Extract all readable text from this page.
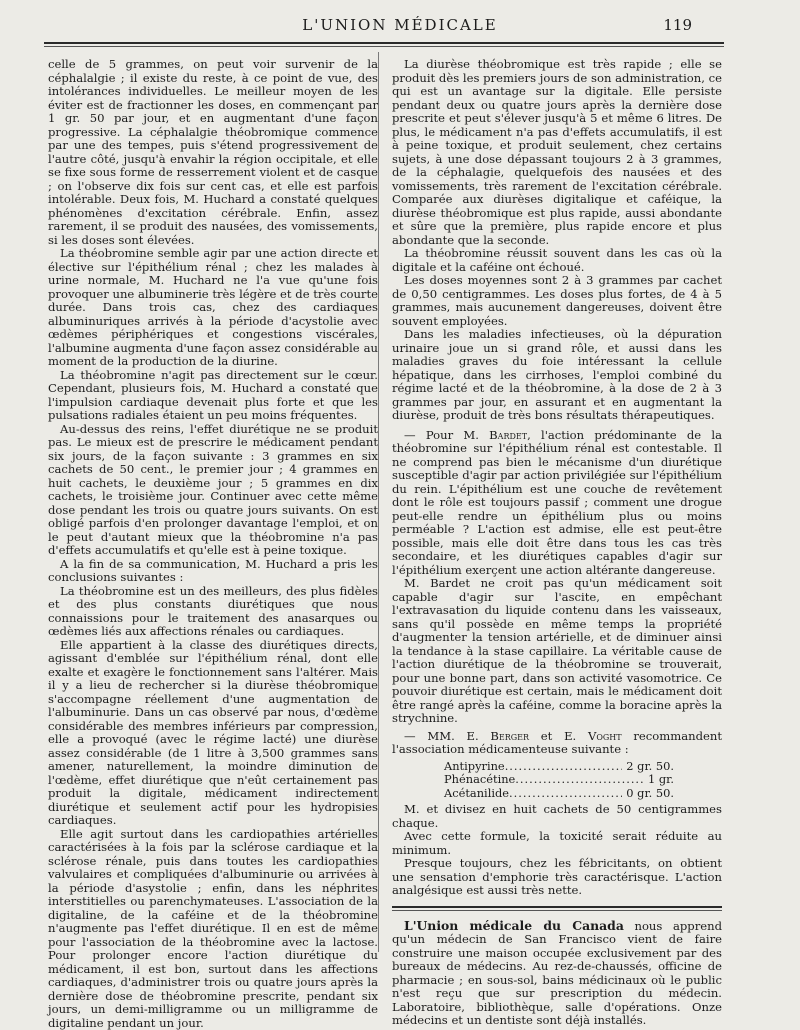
L'UNION MÉDICALE	119

celle de 5 grammes, on peut voir survenir de la céphalalgie ; il existe du reste, à ce point de vue, des intolérances individuelles. Le meilleur moyen de les éviter est de fractionner les doses, en commençant par 1 gr. 50 par jour, et en augmentant d'une façon progressive. La céphalalgie théobromique commence par une des tempes, puis s'étend progressivement de l'autre côté, jusqu'à envahir la région occipitale, et elle se fixe sous forme de resserrement violent et de casque ; on l'observe dix fois sur cent cas, et elle est parfois intolérable. Deux fois, M. Huchard a constaté quelques phénomènes d'excitation cérébrale. Enfin, assez rarement, il se produit des nausées, des vomissements, si les doses sont élevées.

La théobromine semble agir par une action directe et élective sur l'épithélium rénal ; chez les malades à urine normale, M. Huchard ne l'a vue qu'une fois provoquer une albuminerie très légère et de très courte durée. Dans trois cas, chez des cardiaques albuminuriques arrivés à la période d'acystolie avec œdèmes périphériques et congestions viscérales, l'albumine augmenta d'une façon assez considérable au moment de la production de la diurine.

La théobromine n'agit pas directement sur le cœur. Cependant, plusieurs fois, M. Huchard a constaté que l'impulsion cardiaque devenait plus forte et que les pulsations radiales étaient un peu moins fréquentes.

Au-dessus des reins, l'effet diurétique ne se produit pas. Le mieux est de prescrire le médicament pendant six jours, de la façon suivante : 3 grammes en six cachets de 50 cent., le premier jour ; 4 grammes en huit cachets, le deuxième jour ; 5 grammes en dix cachets, le troisième jour. Continuer avec cette même dose pendant les trois ou quatre jours suivants. On est obligé parfois d'en prolonger davantage l'emploi, et on le peut d'autant mieux que la théobromine n'a pas d'effets accumulatifs et qu'elle est à peine toxique.

A la fin de sa communication, M. Huchard a pris les conclusions suivantes :

La théobromine est un des meilleurs, des plus fidèles et des plus constants diurétiques que nous connaissions pour le traitement des anasarques ou œdèmes liés aux affections rénales ou cardiaques.

Elle appartient à la classe des diurétiques directs, agissant d'emblée sur l'épithélium rénal, dont elle exalte et exagère le fonctionnement sans l'altérer. Mais il y a lieu de rechercher si la diurèse théobromique s'accompagne réellement d'une augmentation de l'albuminurie. Dans un cas observé par nous, d'œdème considérable des membres inférieurs par compression, elle a provoqué (avec le régime lacté) une diurèse assez considérable (de 1 litre à 3,500 grammes sans amener, naturellement, la moindre diminution de l'œdème, effet diurétique que n'eût certainement pas produit la digitale, médicament indirectement diurétique et seulement actif pour les hydropisies cardiaques.

Elle agit surtout dans les cardiopathies artérielles caractérisées à la fois par la sclérose cardiaque et la sclérose rénale, puis dans toutes les cardiopathies valvulaires et compliquées d'albuminurie ou arrivées à la période d'asystolie ; enfin, dans les néphrites interstitielles ou parenchymateuses. L'association de la digitaline, de la caféine et de la théobromine n'augmente pas l'effet diurétique. Il en est de même pour l'association de la théobromine avec la lactose. Pour prolonger encore l'action diurétique du médicament, il est bon, surtout dans les affections cardiaques, d'administrer trois ou quatre jours après la dernière dose de théobromine prescrite, pendant six jours, un demi-milligramme ou un milligramme de digitaline pendant un jour.

La diurèse théobromique est très rapide ; elle se produit dès les premiers jours de son administration, ce qui est un avantage sur la digitale. Elle persiste pendant deux ou quatre jours après la dernière dose prescrite et peut s'élever jusqu'à 5 et même 6 litres. De plus, le médicament n'a pas d'effets accumulatifs, il est à peine toxique, et produit seulement, chez certains sujets, à une dose dépassant toujours 2 à 3 grammes, de la céphalagie, quelquefois des nausées et des vomissements, très rarement de l'excitation cérébrale. Comparée aux diurèses digitalique et caféique, la diurèse théobromique est plus rapide, aussi abondante et sûre que la première, plus rapide encore et plus abondante que la seconde.

La théobromine réussit souvent dans les cas où la digitale et la caféine ont échoué.

Les doses moyennes sont 2 à 3 grammes par cachet de 0,50 centigrammes. Les doses plus fortes, de 4 à 5 grammes, mais aucunement dangereuses, doivent être souvent employées.

Dans les maladies infectieuses, où la dépuration urinaire joue un si grand rôle, et aussi dans les maladies graves du foie intéressant la cellule hépatique, dans les cirrhoses, l'emploi combiné du régime lacté et de la théobromine, à la dose de 2 à 3 grammes par jour, en assurant et en augmentant la diurèse, produit de très bons résultats thérapeutiques.

— Pour M. Bardet, l'action prédominante de la théobromine sur l'épithélium rénal est contestable. Il ne comprend pas bien le mécanisme d'un diurétique susceptible d'agir par action privilégiée sur l'épithélium du rein. L'épithélium est une couche de revêtement dont le rôle est toujours passif ; comment une drogue peut-elle rendre un épithélium plus ou moins perméable ? L'action est admise, elle est peut-être possible, mais elle doit être dans tous les cas très secondaire, et les diurétiques capables d'agir sur l'épithélium exerçent une action altérante dangereuse.

M. Bardet ne croit pas qu'un médicament soit capable d'agir sur l'ascite, en empêchant l'extravasation du liquide contenu dans les vaisseaux, sans qu'il possède en même temps la propriété d'augmenter la tension artérielle, et de diminuer ainsi la tendance à la stase capillaire. La véritable cause de l'action diurétique de la théobromine se trouverait, pour une bonne part, dans son activité vasomotrice. Ce pouvoir diurétique est certain, mais le médicament doit être rangé après la caféine, comme la boracine après la strychnine.

— MM. E. Berger et E. Voght recommandent l'association médicamenteuse suivante :

Antipyrine .....	2 gr. 50.
Phénacétine .....	1 gr.
Acétanilide .....	0 gr. 50.

M. et divisez en huit cachets de 50 centigrammes chaque.

Avec cette formule, la toxicité serait réduite au minimum.

Presque toujours, chez les fébricitants, on obtient une sensation d'emphorie très caractérisque. L'action analgésique est aussi très nette.

L'Union médicale du Canada nous apprend qu'un médecin de San Francisco vient de faire construire une maison occupée exclusivement par des bureaux de médecins. Au rez-de-chaussés, officine de pharmacie ; en sous-sol, bains médicinaux où le public n'est reçu que sur prescription du médecin. Laboratoire, bibliothèque, salle d'opérations. Onze médecins et un dentiste sont déjà installés.
